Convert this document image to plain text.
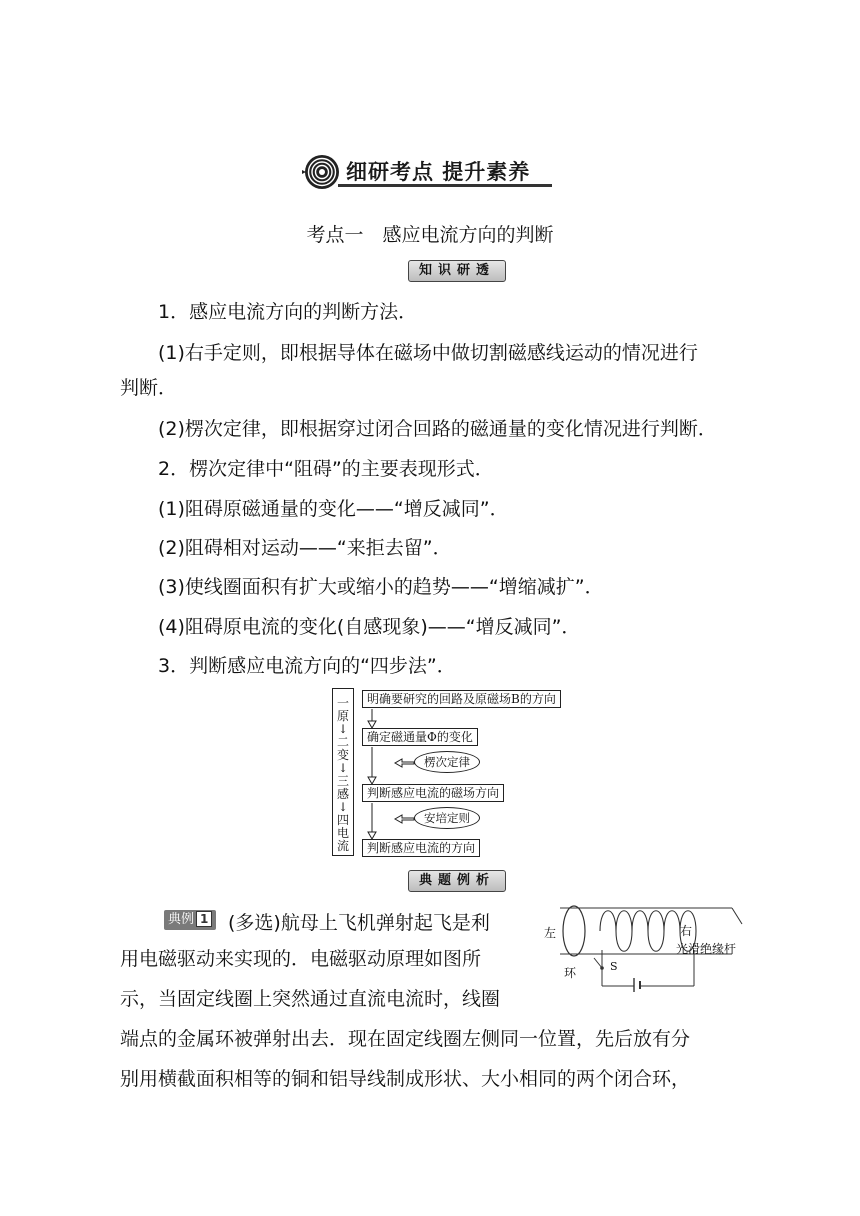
细研考点 提升素养
考点一　感应电流方向的判断
知识研透
1．感应电流方向的判断方法．
(1)右手定则，即根据导体在磁场中做切割磁感线运动的情况进行
判断．
(2)楞次定律，即根据穿过闭合回路的磁通量的变化情况进行判断．
2．楞次定律中“阻碍”的主要表现形式．
(1)阻碍原磁通量的变化——“增反减同”．
(2)阻碍相对运动——“来拒去留”．
(3)使线圈面积有扩大或缩小的趋势——“增缩减扩”．
(4)阻碍原电流的变化(自感现象)——“增反减同”．
3．判断感应电流方向的“四步法”．
一原↓二变↓三感↓四电流
明确要研究的回路及原磁场B的方向
确定磁通量Φ的变化
判断感应电流的磁场方向
判断感应电流的方向
楞次定律
安培定则
典题例析
典例 1	(多选)航母上飞机弹射起飞是利
用电磁驱动来实现的．电磁驱动原理如图所
示，当固定线圈上突然通过直流电流时，线圈
端点的金属环被弹射出去．现在固定线圈左侧同一位置，先后放有分
别用横截面积相等的铜和铝导线制成形状、大小相同的两个闭合环，
左	右
光滑绝缘杆
环	S
